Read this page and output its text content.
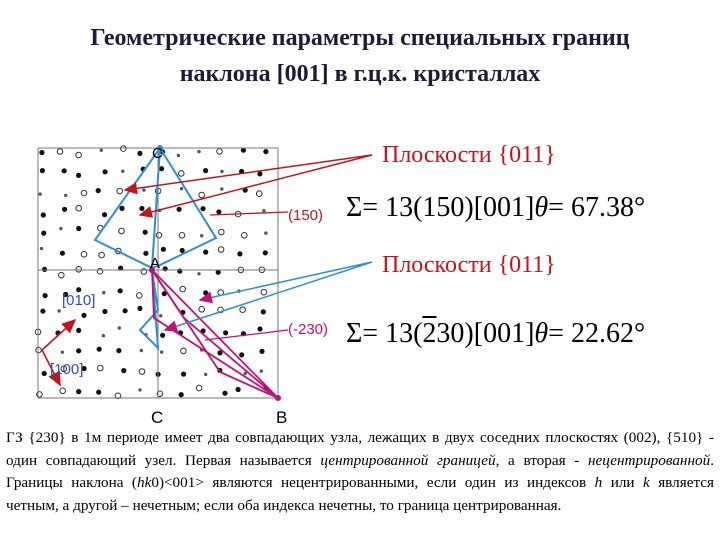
Геометрические параметры специальных границ
наклона [001] в г.ц.к. кристаллах
C
A
C	B
[010]
[100]
(150)
(-230)
Плоскости {011}
Плоскости {011}
Σ= 13(150)[001]θ= 67.38°
Σ= 13(230)[001]θ= 22.62°
ГЗ {230} в 1м периоде имеет два совпадающих узла, лежащих в двух соседних плоскостях (002), {510} - один совпадающий узел. Первая называется центрированной границей, а вторая - нецентрированной. Границы наклона (hk0)<001> являются нецентрированными, если один из индексов h или k является четным, а другой – нечетным; если оба индекса нечетны, то граница центрированная.
